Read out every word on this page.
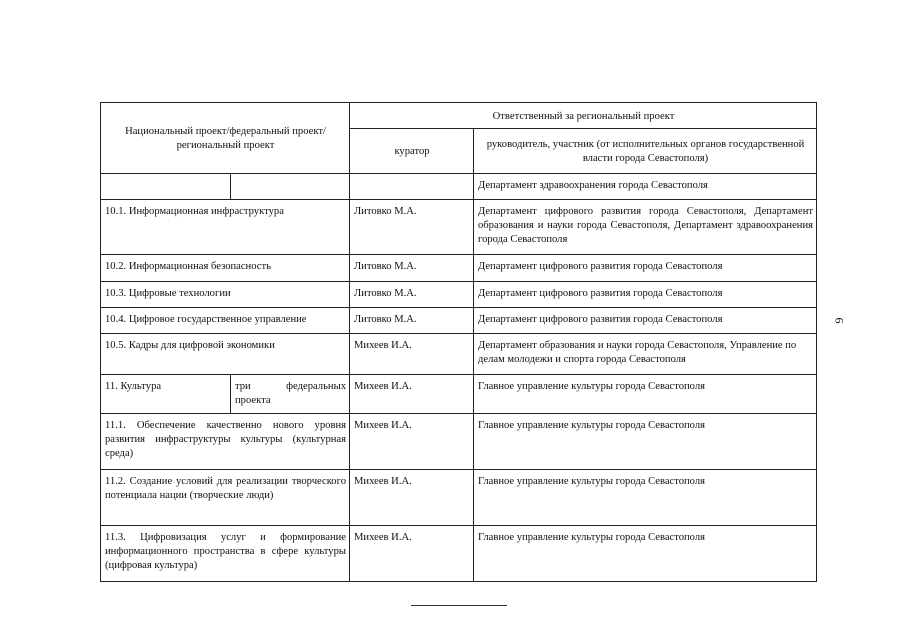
Национальный проект/федеральный проект/региональный проект		Ответственный за региональный проект	
		куратор	руководитель, участник (от исполнительных органов государственной власти города Севастополя)
			Департамент здравоохранения города Севастополя
10.1. Информационная инфраструктура		Литовко М.А.	Департамент цифрового развития города Севастополя, Департамент образования и науки города Севастополя, Департамент здравоохранения города Севастополя
10.2. Информационная безопасность		Литовко М.А.	Департамент цифрового развития города Севастополя
10.3. Цифровые технологии		Литовко М.А.	Департамент цифрового развития города Севастополя
10.4. Цифровое государственное управление		Литовко М.А.	Департамент цифрового развития города Севастополя
10.5. Кадры для цифровой экономики		Михеев И.А.	Департамент образования и науки города Севастополя, Управление по делам молодежи и спорта города Севастополя
11. Культура	три федеральных проекта	Михеев И.А.	Главное управление культуры города Севастополя
11.1. Обеспечение качественно нового уровня развития инфраструктуры культуры (культурная среда)		Михеев И.А.	Главное управление культуры города Севастополя
11.2. Создание условий для реализации творческого потенциала нации (творческие люди)		Михеев И.А.	Главное управление культуры города Севастополя
11.3. Цифровизация услуг и формирование информационного пространства в сфере культуры (цифровая культура)		Михеев И.А.	Главное управление культуры города Севастополя
6
